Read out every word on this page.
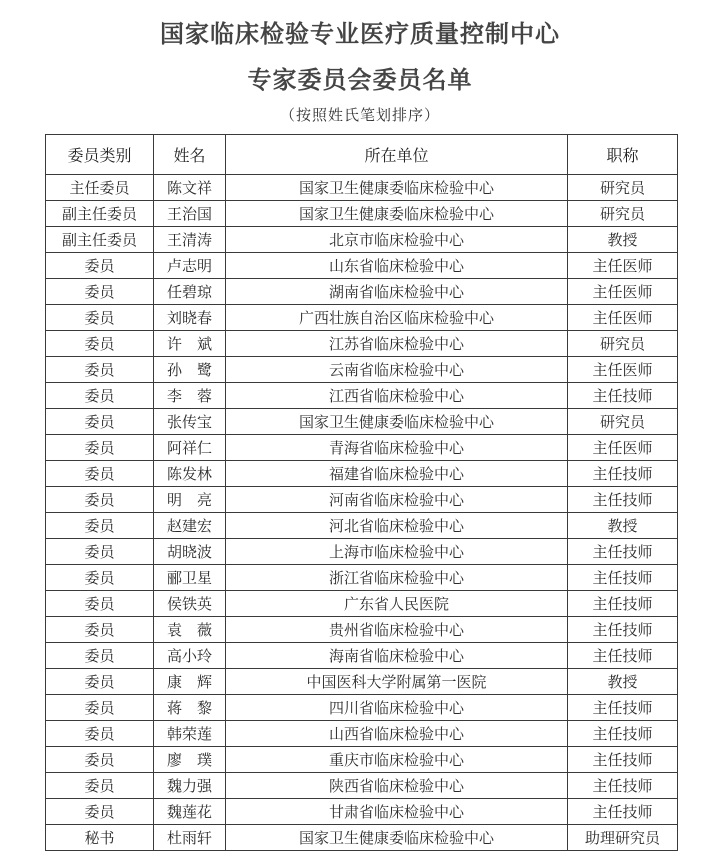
国家临床检验专业医疗质量控制中心
专家委员会委员名单
（按照姓氏笔划排序）
委员类别	姓名	所在单位	职称
主任委员	陈文祥	国家卫生健康委临床检验中心	研究员
副主任委员	王治国	国家卫生健康委临床检验中心	研究员
副主任委员	王清涛	北京市临床检验中心	教授
委员	卢志明	山东省临床检验中心	主任医师
委员	任碧琼	湖南省临床检验中心	主任医师
委员	刘晓春	广西壮族自治区临床检验中心	主任医师
委员	许　斌	江苏省临床检验中心	研究员
委员	孙　鹭	云南省临床检验中心	主任医师
委员	李　蓉	江西省临床检验中心	主任技师
委员	张传宝	国家卫生健康委临床检验中心	研究员
委员	阿祥仁	青海省临床检验中心	主任医师
委员	陈发林	福建省临床检验中心	主任技师
委员	明　亮	河南省临床检验中心	主任技师
委员	赵建宏	河北省临床检验中心	教授
委员	胡晓波	上海市临床检验中心	主任技师
委员	郦卫星	浙江省临床检验中心	主任技师
委员	侯铁英	广东省人民医院	主任技师
委员	袁　薇	贵州省临床检验中心	主任技师
委员	高小玲	海南省临床检验中心	主任技师
委员	康　辉	中国医科大学附属第一医院	教授
委员	蒋　黎	四川省临床检验中心	主任技师
委员	韩荣莲	山西省临床检验中心	主任技师
委员	廖　璞	重庆市临床检验中心	主任技师
委员	魏力强	陕西省临床检验中心	主任技师
委员	魏莲花	甘肃省临床检验中心	主任技师
秘书	杜雨轩	国家卫生健康委临床检验中心	助理研究员
